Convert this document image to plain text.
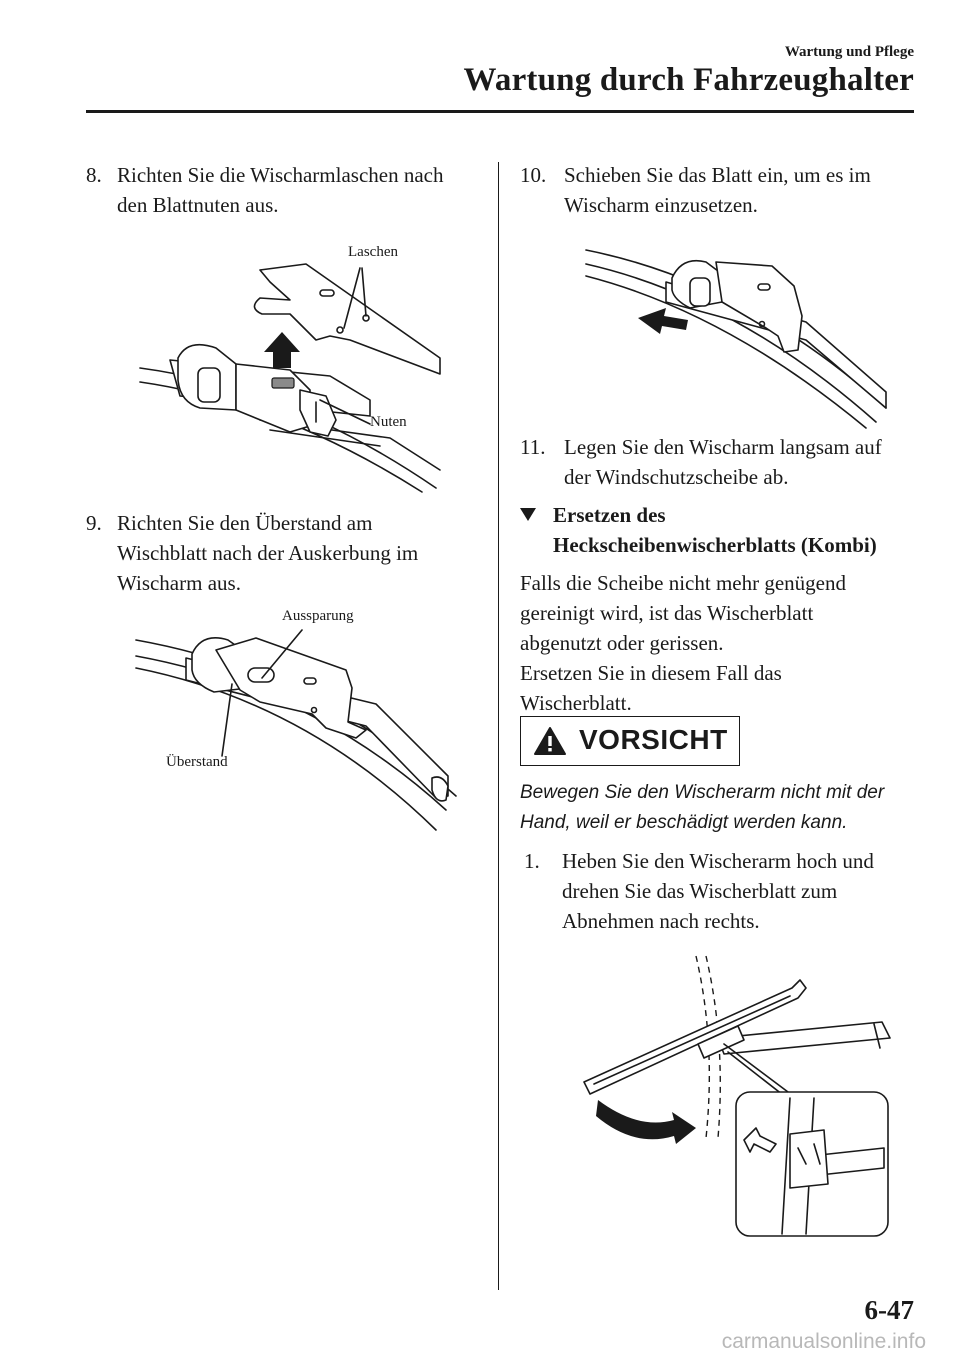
Wartung und Pflege
Wartung durch Fahrzeughalter
8. Richten Sie die Wischarmlaschen nach
den Blattnuten aus.
Laschen
Nuten
9. Richten Sie den Überstand am
Wischblatt nach der Auskerbung im
Wischarm aus.
Aussparung
Überstand
10. Schieben Sie das Blatt ein, um es im
Wischarm einzusetzen.
11. Legen Sie den Wischarm langsam auf
der Windschutzscheibe ab.
Ersetzen des
Heckscheibenwischerblatts (Kombi)
Falls die Scheibe nicht mehr genügend
gereinigt wird, ist das Wischerblatt
abgenutzt oder gerissen.
Ersetzen Sie in diesem Fall das
Wischerblatt.
VORSICHT
Bewegen Sie den Wischerarm nicht mit der
Hand, weil er beschädigt werden kann.
1. Heben Sie den Wischerarm hoch und
drehen Sie das Wischerblatt zum
Abnehmen nach rechts.
6-47
carmanualsonline.info
